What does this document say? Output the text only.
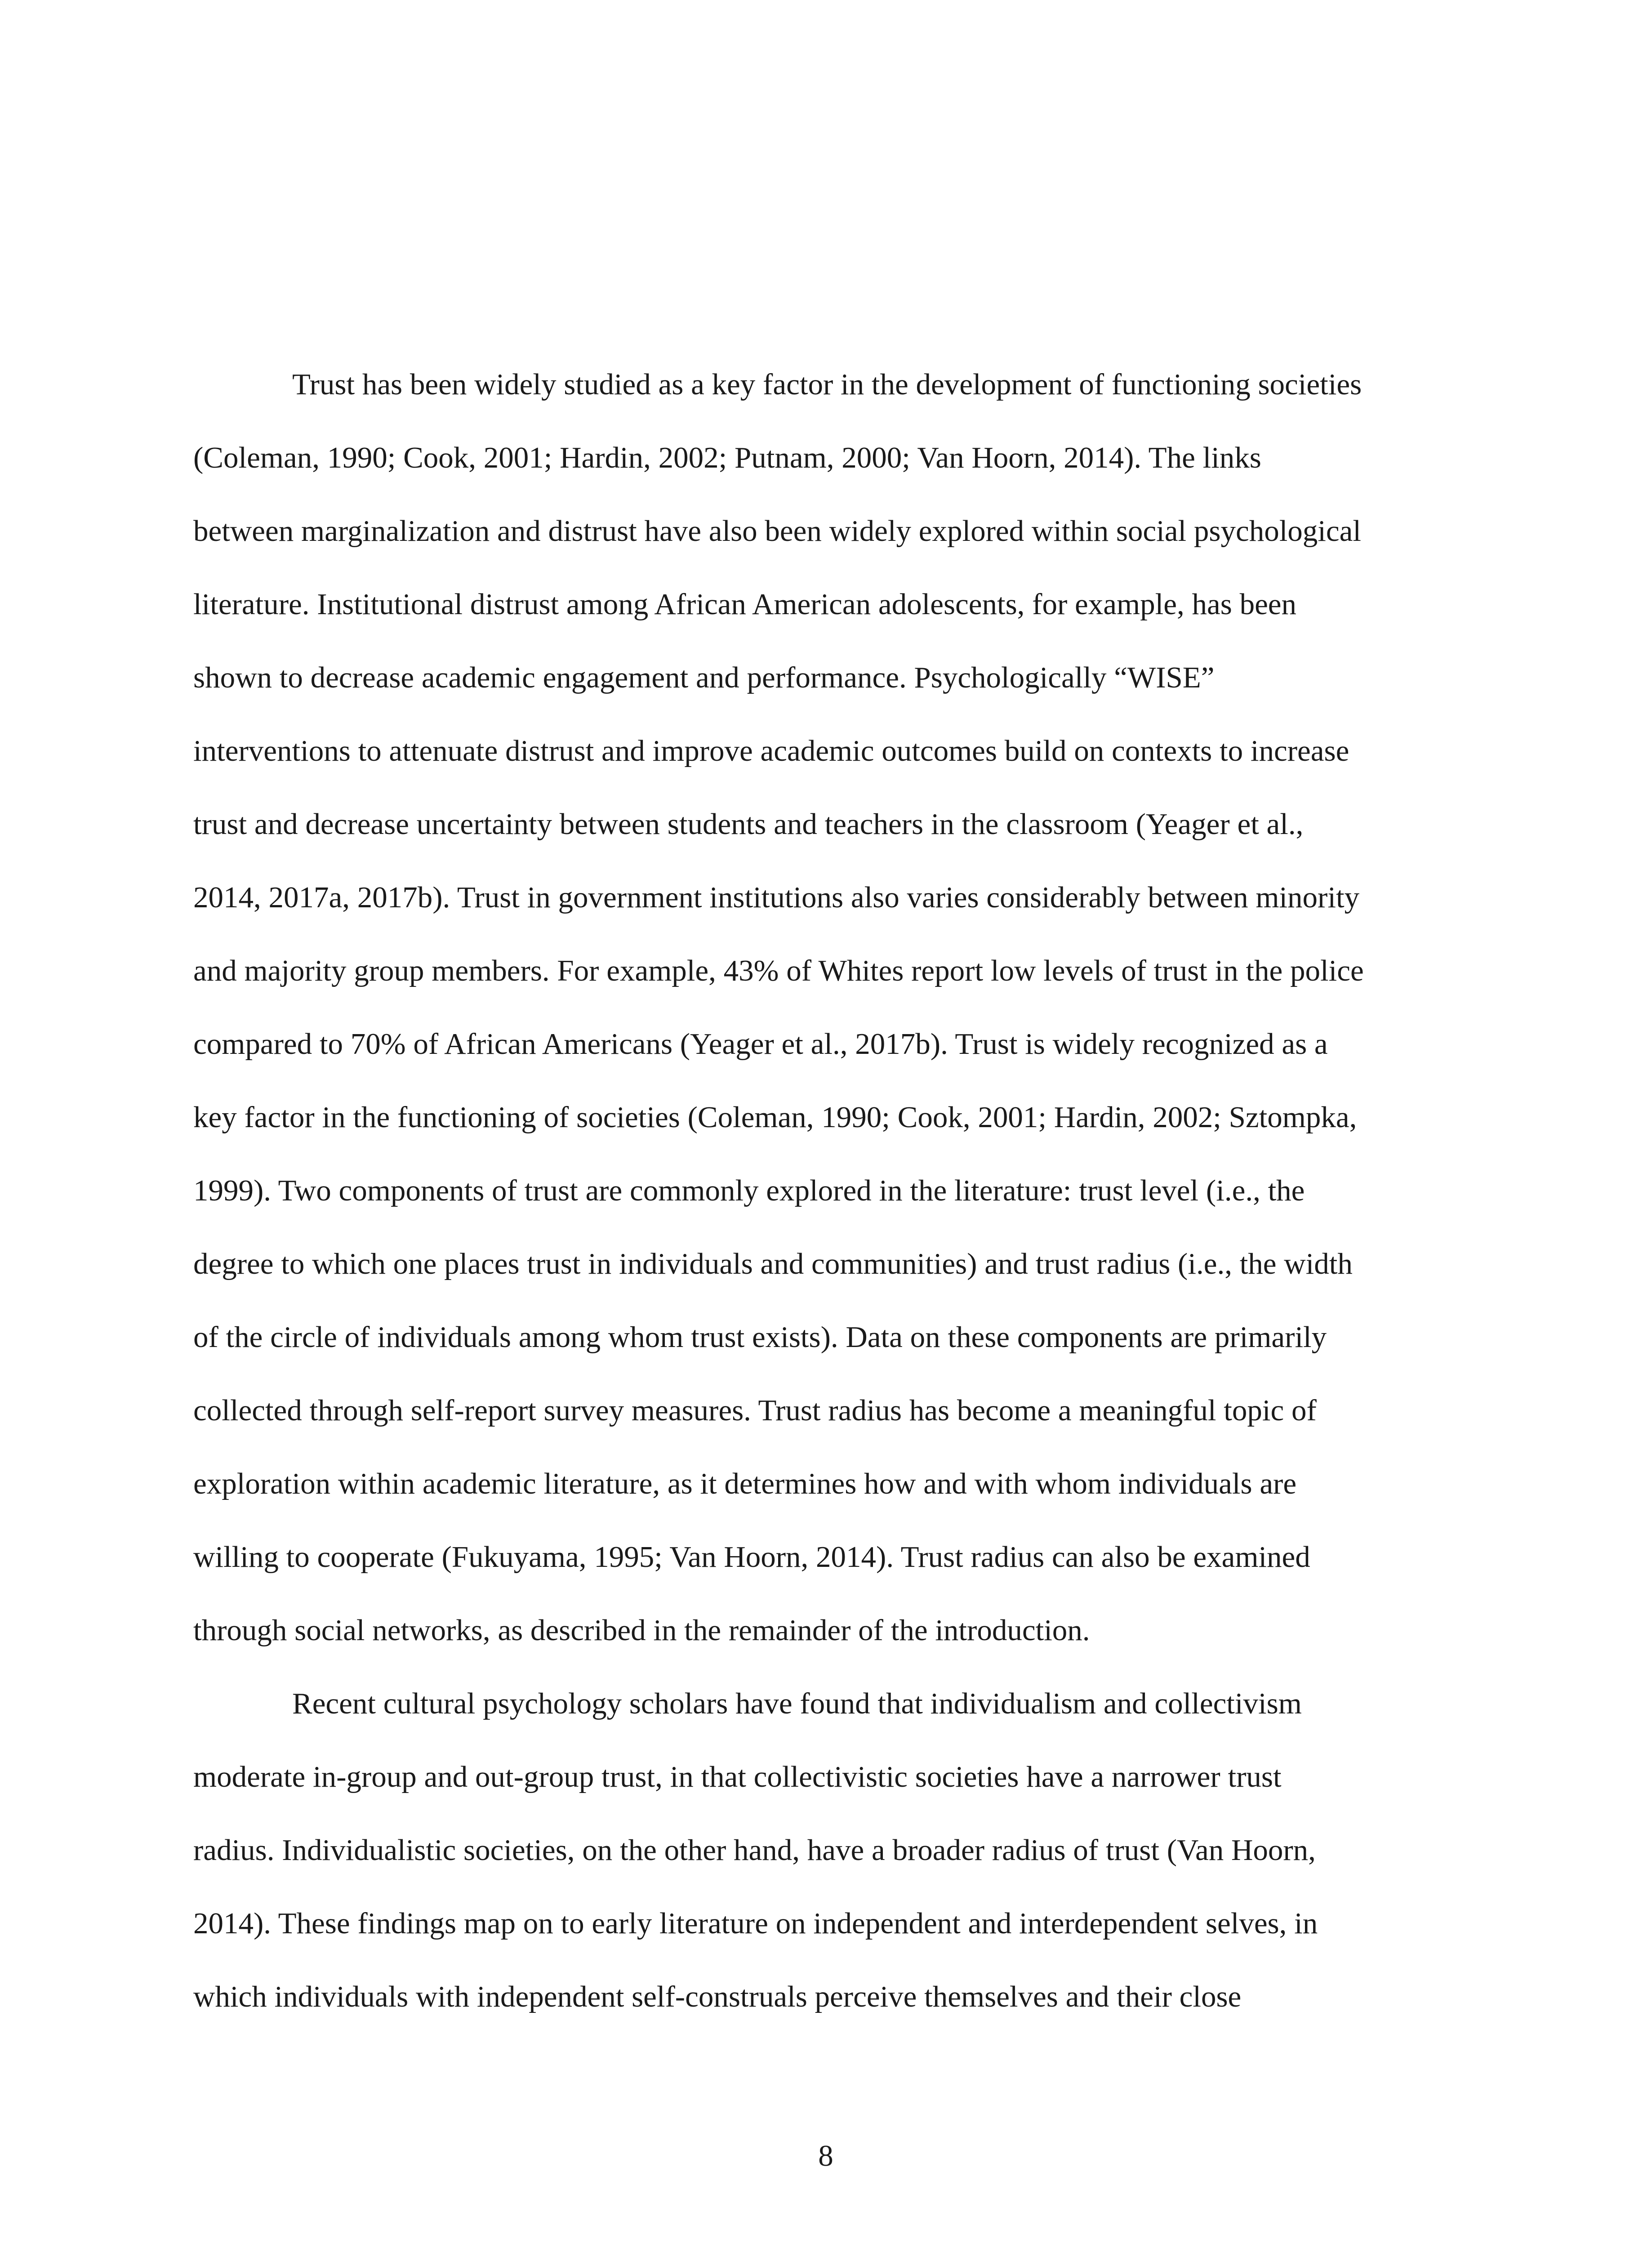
Trust has been widely studied as a key factor in the development of functioning societies
(Coleman, 1990; Cook, 2001; Hardin, 2002; Putnam, 2000; Van Hoorn, 2014). The links
between marginalization and distrust have also been widely explored within social psychological
literature. Institutional distrust among African American adolescents, for example, has been
shown to decrease academic engagement and performance. Psychologically “WISE”
interventions to attenuate distrust and improve academic outcomes build on contexts to increase
trust and decrease uncertainty between students and teachers in the classroom (Yeager et al.,
2014, 2017a, 2017b). Trust in government institutions also varies considerably between minority
and majority group members. For example, 43% of Whites report low levels of trust in the police
compared to 70% of African Americans (Yeager et al., 2017b). Trust is widely recognized as a
key factor in the functioning of societies (Coleman, 1990; Cook, 2001; Hardin, 2002; Sztompka,
1999). Two components of trust are commonly explored in the literature: trust level (i.e., the
degree to which one places trust in individuals and communities) and trust radius (i.e., the width
of the circle of individuals among whom trust exists). Data on these components are primarily
collected through self-report survey measures. Trust radius has become a meaningful topic of
exploration within academic literature, as it determines how and with whom individuals are
willing to cooperate (Fukuyama, 1995; Van Hoorn, 2014). Trust radius can also be examined
through social networks, as described in the remainder of the introduction.
Recent cultural psychology scholars have found that individualism and collectivism
moderate in-group and out-group trust, in that collectivistic societies have a narrower trust
radius. Individualistic societies, on the other hand, have a broader radius of trust (Van Hoorn,
2014). These findings map on to early literature on independent and interdependent selves, in
which individuals with independent self-construals perceive themselves and their close
8
